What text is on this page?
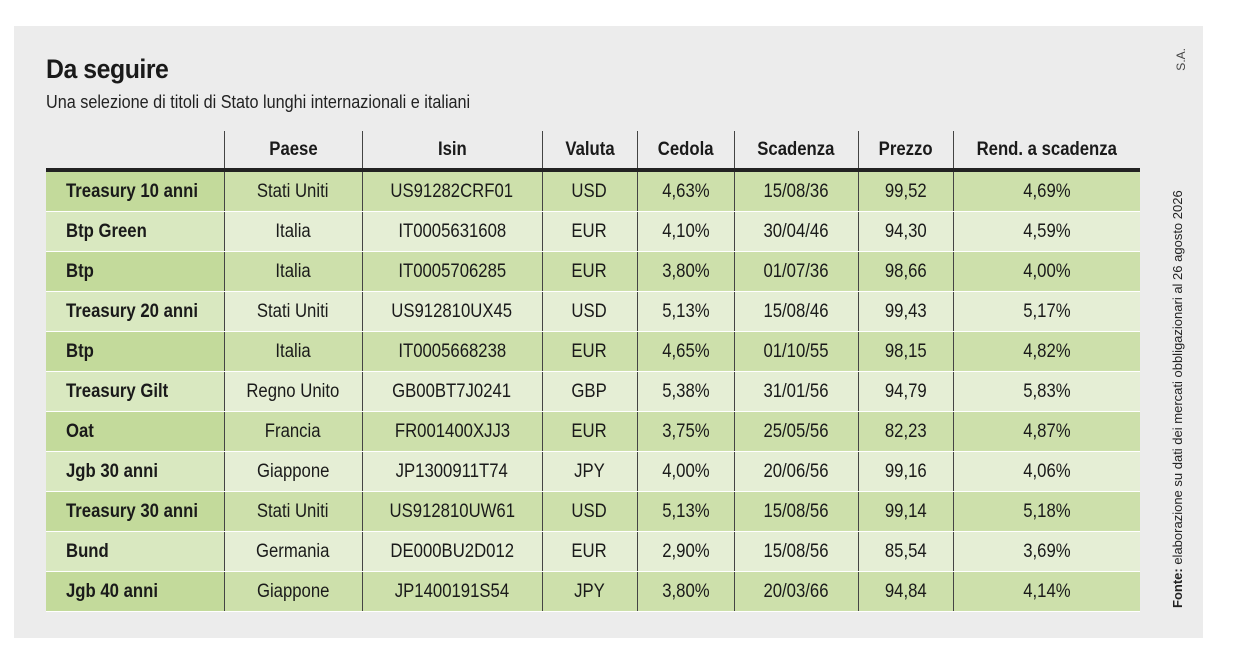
Da seguire
Una selezione di titoli di Stato lunghi internazionali e italiani
S.A.
Fonte: elaborazione su dati dei mercati obbligazionari al 26 agosto 2026
	Paese	Isin	Valuta	Cedola	Scadenza	Prezzo	Rend. a scadenza
Treasury 10 anni	Stati Uniti	US91282CRF01	USD	4,63%	15/08/36	99,52	4,69%
Btp Green	Italia	IT0005631608	EUR	4,10%	30/04/46	94,30	4,59%
Btp	Italia	IT0005706285	EUR	3,80%	01/07/36	98,66	4,00%
Treasury 20 anni	Stati Uniti	US912810UX45	USD	5,13%	15/08/46	99,43	5,17%
Btp	Italia	IT0005668238	EUR	4,65%	01/10/55	98,15	4,82%
Treasury Gilt	Regno Unito	GB00BT7J0241	GBP	5,38%	31/01/56	94,79	5,83%
Oat	Francia	FR001400XJJ3	EUR	3,75%	25/05/56	82,23	4,87%
Jgb 30 anni	Giappone	JP1300911T74	JPY	4,00%	20/06/56	99,16	4,06%
Treasury 30 anni	Stati Uniti	US912810UW61	USD	5,13%	15/08/56	99,14	5,18%
Bund	Germania	DE000BU2D012	EUR	2,90%	15/08/56	85,54	3,69%
Jgb 40 anni	Giappone	JP1400191S54	JPY	3,80%	20/03/66	94,84	4,14%
